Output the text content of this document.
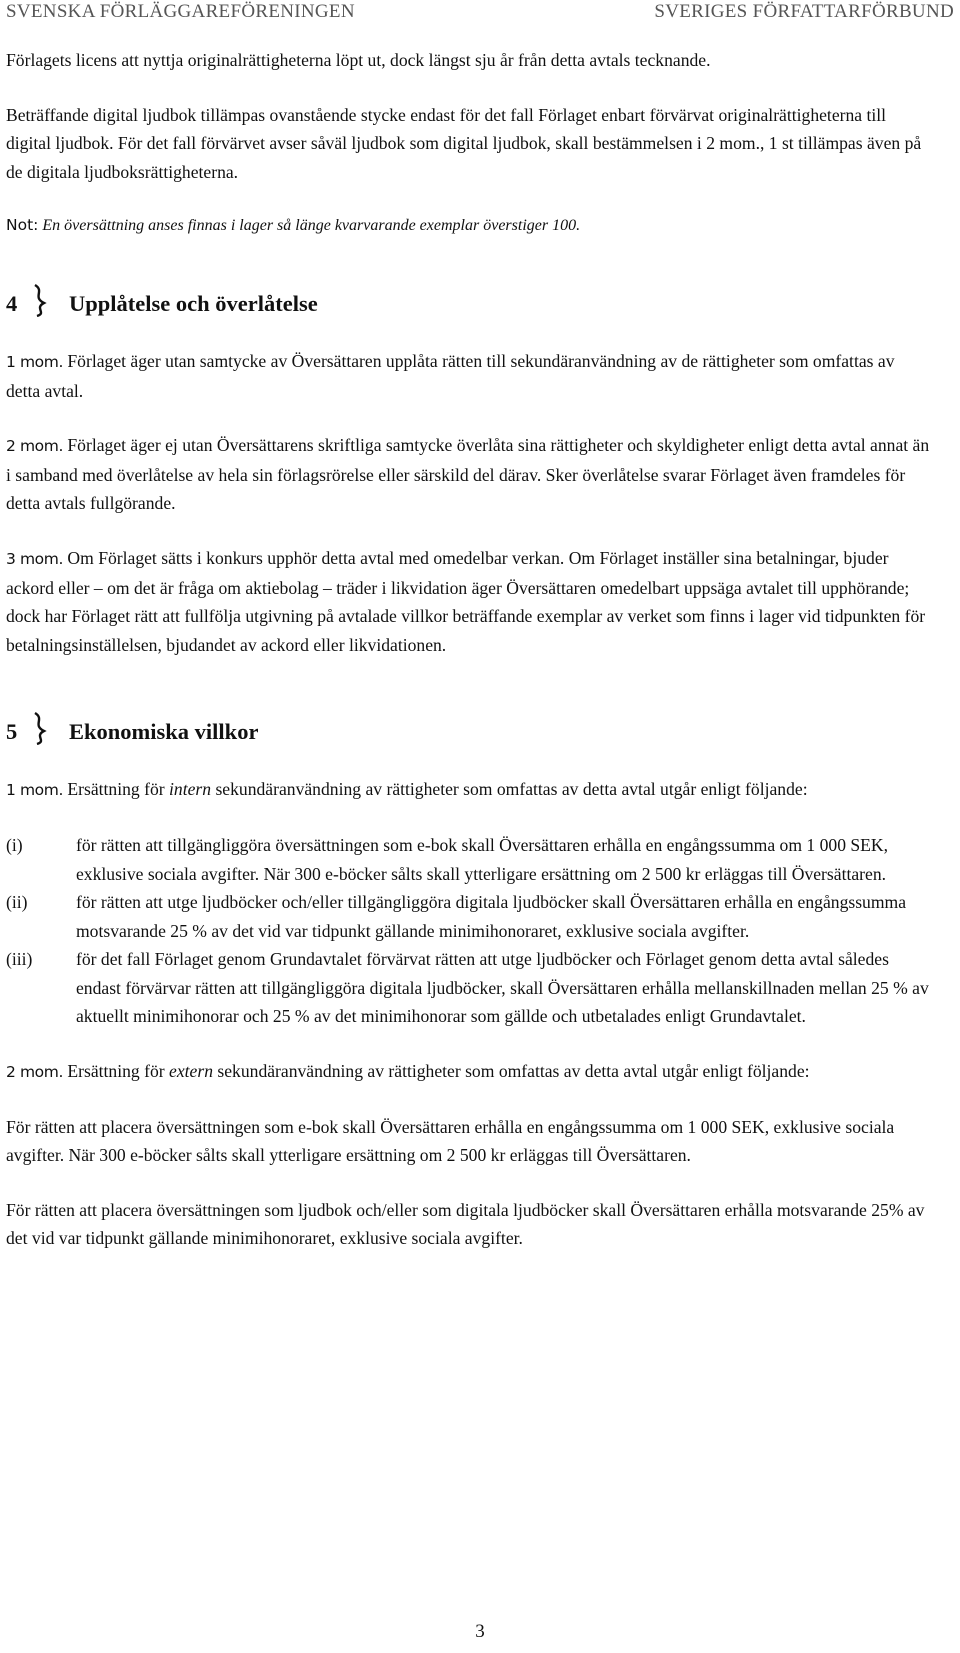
SVENSKA FÖRLÄGGAREFÖRENINGEN	SVERIGES FÖRFATTARFÖRBUND

Förlagets licens att nyttja originalrättigheterna löpt ut, dock längst sju år från detta avtals tecknande.

Beträffande digital ljudbok tillämpas ovanstående stycke endast för det fall Förlaget enbart förvärvat originalrättigheterna till digital ljudbok. För det fall förvärvet avser såväl ljudbok som digital ljudbok, skall bestämmelsen i 2 mom., 1 st tillämpas även på de digitala ljudboksrättigheterna.

Not: En översättning anses finnas i lager så länge kvarvarande exemplar överstiger 100.

4 Upplåtelse och överlåtelse

1 mom. Förlaget äger utan samtycke av Översättaren upplåta rätten till sekundäranvändning av de rättigheter som omfattas av detta avtal.

2 mom. Förlaget äger ej utan Översättarens skriftliga samtycke överlåta sina rättigheter och skyldigheter enligt detta avtal annat än i samband med överlåtelse av hela sin förlagsrörelse eller särskild del därav. Sker överlåtelse svarar Förlaget även framdeles för detta avtals fullgörande.

3 mom. Om Förlaget sätts i konkurs upphör detta avtal med omedelbar verkan. Om Förlaget inställer sina betalningar, bjuder ackord eller – om det är fråga om aktiebolag – träder i likvidation äger Översättaren omedelbart uppsäga avtalet till upphörande; dock har Förlaget rätt att fullfölja utgivning på avtalade villkor beträffande exemplar av verket som finns i lager vid tidpunkten för betalningsinställelsen, bjudandet av ackord eller likvidationen.

5 Ekonomiska villkor

1 mom. Ersättning för intern sekundäranvändning av rättigheter som omfattas av detta avtal utgår enligt följande:

(i)	för rätten att tillgängliggöra översättningen som e-bok skall Översättaren erhålla en engångssumma om 1 000 SEK, exklusive sociala avgifter. När 300 e-böcker sålts skall ytterligare ersättning om 2 500 kr erläggas till Översättaren.
(ii)	för rätten att utge ljudböcker och/eller tillgängliggöra digitala ljudböcker skall Översättaren erhålla en engångssumma motsvarande 25 % av det vid var tidpunkt gällande minimihonoraret, exklusive sociala avgifter.
(iii)	för det fall Förlaget genom Grundavtalet förvärvat rätten att utge ljudböcker och Förlaget genom detta avtal således endast förvärvar rätten att tillgängliggöra digitala ljudböcker, skall Översättaren erhålla mellanskillnaden mellan 25 % av aktuellt minimihonorar och 25 % av det minimihonorar som gällde och utbetalades enligt Grundavtalet.

2 mom. Ersättning för extern sekundäranvändning av rättigheter som omfattas av detta avtal utgår enligt följande:

För rätten att placera översättningen som e-bok skall Översättaren erhålla en engångssumma om 1 000 SEK, exklusive sociala avgifter. När 300 e-böcker sålts skall ytterligare ersättning om 2 500 kr erläggas till Översättaren.

För rätten att placera översättningen som ljudbok och/eller som digitala ljudböcker skall Översättaren erhålla motsvarande 25% av det vid var tidpunkt gällande minimihonoraret, exklusive sociala avgifter.

3
